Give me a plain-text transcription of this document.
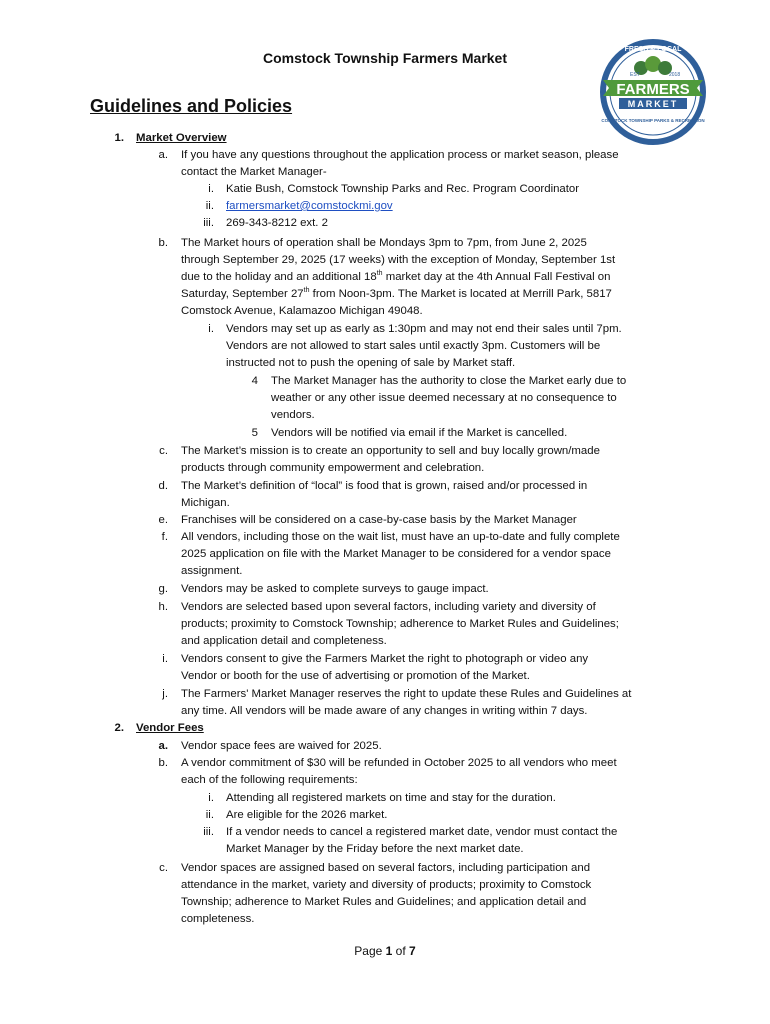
Comstock Township Farmers Market
FRESH & LOCAL
EST	2018
FARMERS
MARKET
COMSTOCK TOWNSHIP PARKS & RECREATION
Guidelines and Policies
1. Market Overview
a. If you have any questions throughout the application process or market season, please
contact the Market Manager-
i. Katie Bush, Comstock Township Parks and Rec. Program Coordinator
ii. farmersmarket@comstockmi.gov
iii. 269-343-8212 ext. 2
b. The Market hours of operation shall be Mondays 3pm to 7pm, from June 2, 2025
through September 29, 2025 (17 weeks) with the exception of Monday, September 1st
due to the holiday and an additional 18th market day at the 4th Annual Fall Festival on
Saturday, September 27th from Noon-3pm. The Market is located at Merrill Park, 5817
Comstock Avenue, Kalamazoo Michigan 49048.
i. Vendors may set up as early as 1:30pm and may not end their sales until 7pm.
Vendors are not allowed to start sales until exactly 3pm. Customers will be
instructed not to push the opening of sale by Market staff.
4 The Market Manager has the authority to close the Market early due to
weather or any other issue deemed necessary at no consequence to
vendors.
5 Vendors will be notified via email if the Market is cancelled.
c. The Market’s mission is to create an opportunity to sell and buy locally grown/made
products through community empowerment and celebration.
d. The Market’s definition of “local” is food that is grown, raised and/or processed in
Michigan.
e. Franchises will be considered on a case-by-case basis by the Market Manager
f. All vendors, including those on the wait list, must have an up-to-date and fully complete
2025 application on file with the Market Manager to be considered for a vendor space
assignment.
g. Vendors may be asked to complete surveys to gauge impact.
h. Vendors are selected based upon several factors, including variety and diversity of
products; proximity to Comstock Township; adherence to Market Rules and Guidelines;
and application detail and completeness.
i. Vendors consent to give the Farmers Market the right to photograph or video any
Vendor or booth for the use of advertising or promotion of the Market.
j. The Farmers' Market Manager reserves the right to update these Rules and Guidelines at
any time. All vendors will be made aware of any changes in writing within 7 days.
2. Vendor Fees
a. Vendor space fees are waived for 2025.
b. A vendor commitment of $30 will be refunded in October 2025 to all vendors who meet
each of the following requirements:
i. Attending all registered markets on time and stay for the duration.
ii. Are eligible for the 2026 market.
iii. If a vendor needs to cancel a registered market date, vendor must contact the
Market Manager by the Friday before the next market date.
c. Vendor spaces are assigned based on several factors, including participation and
attendance in the market, variety and diversity of products; proximity to Comstock
Township; adherence to Market Rules and Guidelines; and application detail and
completeness.
Page 1 of 7
